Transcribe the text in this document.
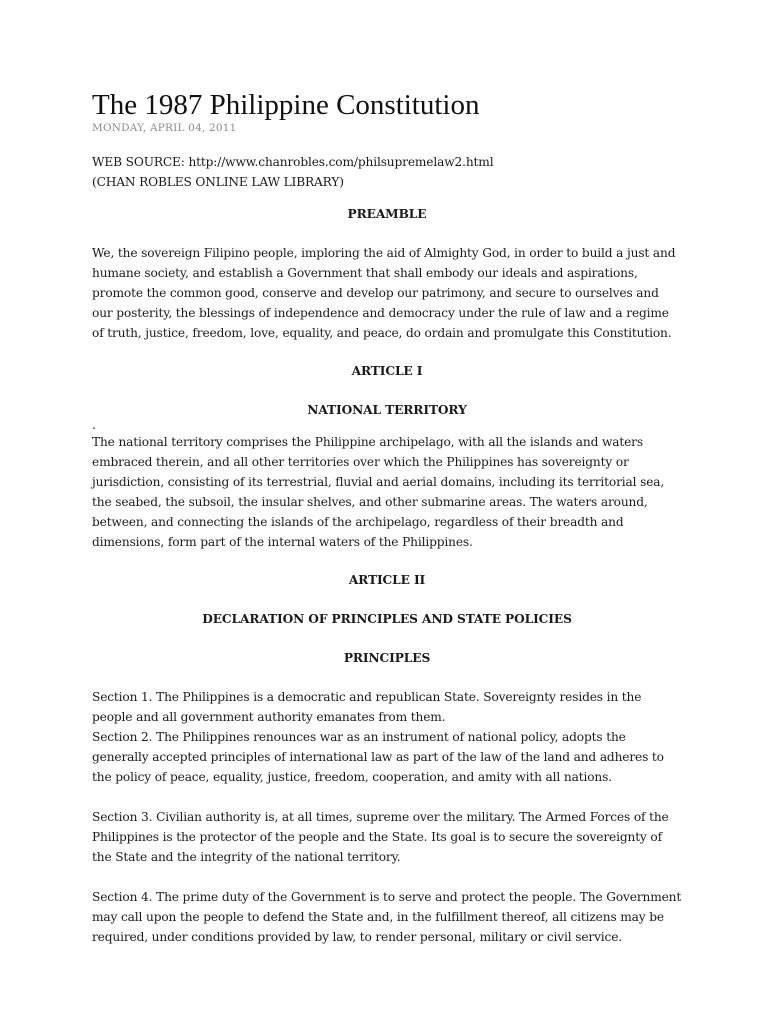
The 1987 Philippine Constitution
MONDAY, APRIL 04, 2011

WEB SOURCE: http://www.chanrobles.com/philsupremelaw2.html

(CHAN ROBLES ONLINE LAW LIBRARY)

PREAMBLE

We, the sovereign Filipino people, imploring the aid of Almighty God, in order to build a just and humane society, and establish a Government that shall embody our ideals and aspirations, promote the common good, conserve and develop our patrimony, and secure to ourselves and our posterity, the blessings of independence and democracy under the rule of law and a regime of truth, justice, freedom, love, equality, and peace, do ordain and promulgate this Constitution.

ARTICLE I

NATIONAL TERRITORY

.

The national territory comprises the Philippine archipelago, with all the islands and waters embraced therein, and all other territories over which the Philippines has sovereignty or jurisdiction, consisting of its terrestrial, fluvial and aerial domains, including its territorial sea, the seabed, the subsoil, the insular shelves, and other submarine areas. The waters around, between, and connecting the islands of the archipelago, regardless of their breadth and dimensions, form part of the internal waters of the Philippines.

ARTICLE II

DECLARATION OF PRINCIPLES AND STATE POLICIES

PRINCIPLES

Section 1. The Philippines is a democratic and republican State. Sovereignty resides in the people and all government authority emanates from them.

Section 2. The Philippines renounces war as an instrument of national policy, adopts the generally accepted principles of international law as part of the law of the land and adheres to the policy of peace, equality, justice, freedom, cooperation, and amity with all nations.

Section 3. Civilian authority is, at all times, supreme over the military. The Armed Forces of the Philippines is the protector of the people and the State. Its goal is to secure the sovereignty of the State and the integrity of the national territory.

Section 4. The prime duty of the Government is to serve and protect the people. The Government may call upon the people to defend the State and, in the fulfillment thereof, all citizens may be required, under conditions provided by law, to render personal, military or civil service.
